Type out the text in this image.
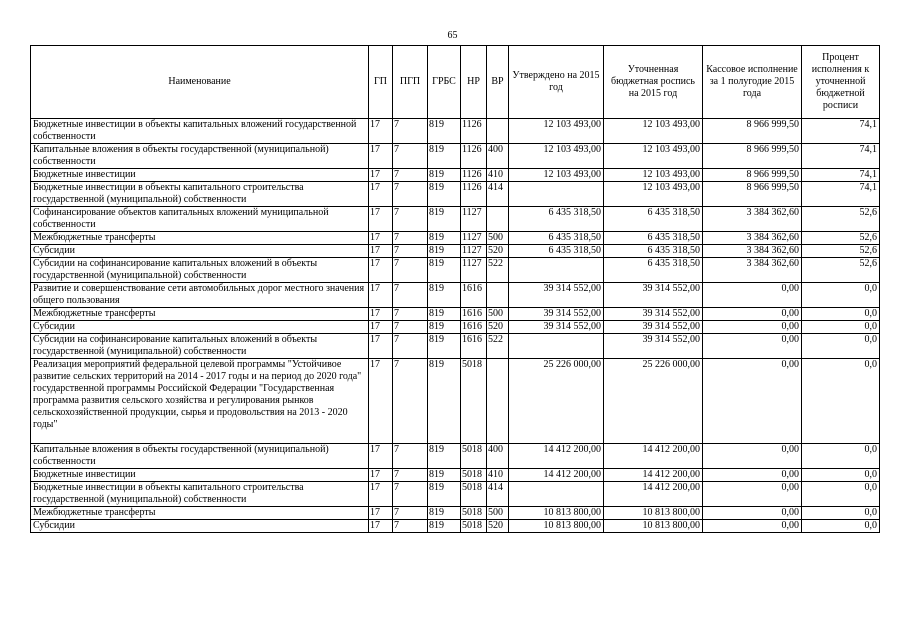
65
Наименование	ГП	ПГП	ГРБС	НР	ВР	Утверждено на 2015 год	Уточненная бюджетная роспись на 2015 год	Кассовое исполнение за 1 полугодие 2015 года	Процент исполнения к уточненной бюджетной росписи
Бюджетные инвестиции в объекты капитальных вложений государственной собственности	17	7	819	1126		12 103 493,00	12 103 493,00	8 966 999,50	74,1
Капитальные вложения в объекты государственной (муниципальной) собственности	17	7	819	1126	400	12 103 493,00	12 103 493,00	8 966 999,50	74,1
Бюджетные инвестиции	17	7	819	1126	410	12 103 493,00	12 103 493,00	8 966 999,50	74,1
Бюджетные инвестиции в объекты капитального строительства государственной (муниципальной) собственности	17	7	819	1126	414		12 103 493,00	8 966 999,50	74,1
Софинансирование объектов капитальных вложений муниципальной собственности	17	7	819	1127		6 435 318,50	6 435 318,50	3 384 362,60	52,6
Межбюджетные трансферты	17	7	819	1127	500	6 435 318,50	6 435 318,50	3 384 362,60	52,6
Субсидии	17	7	819	1127	520	6 435 318,50	6 435 318,50	3 384 362,60	52,6
Субсидии на софинансирование капитальных вложений в объекты государственной (муниципальной) собственности	17	7	819	1127	522		6 435 318,50	3 384 362,60	52,6
Развитие и совершенствование сети автомобильных дорог местного значения общего пользования	17	7	819	1616		39 314 552,00	39 314 552,00	0,00	0,0
Межбюджетные трансферты	17	7	819	1616	500	39 314 552,00	39 314 552,00	0,00	0,0
Субсидии	17	7	819	1616	520	39 314 552,00	39 314 552,00	0,00	0,0
Субсидии на софинансирование капитальных вложений в объекты государственной (муниципальной) собственности	17	7	819	1616	522		39 314 552,00	0,00	0,0
Реализация мероприятий федеральной целевой программы "Устойчивое развитие сельских территорий на 2014 - 2017 годы и на период до 2020 года" государственной программы Российской Федерации "Государственная программа развития сельского хозяйства и регулирования рынков сельскохозяйственной продукции, сырья и продовольствия на 2013 - 2020 годы"	17	7	819	5018		25 226 000,00	25 226 000,00	0,00	0,0
Капитальные вложения в объекты государственной (муниципальной) собственности	17	7	819	5018	400	14 412 200,00	14 412 200,00	0,00	0,0
Бюджетные инвестиции	17	7	819	5018	410	14 412 200,00	14 412 200,00	0,00	0,0
Бюджетные инвестиции в объекты капитального строительства государственной (муниципальной) собственности	17	7	819	5018	414		14 412 200,00	0,00	0,0
Межбюджетные трансферты	17	7	819	5018	500	10 813 800,00	10 813 800,00	0,00	0,0
Субсидии	17	7	819	5018	520	10 813 800,00	10 813 800,00	0,00	0,0
